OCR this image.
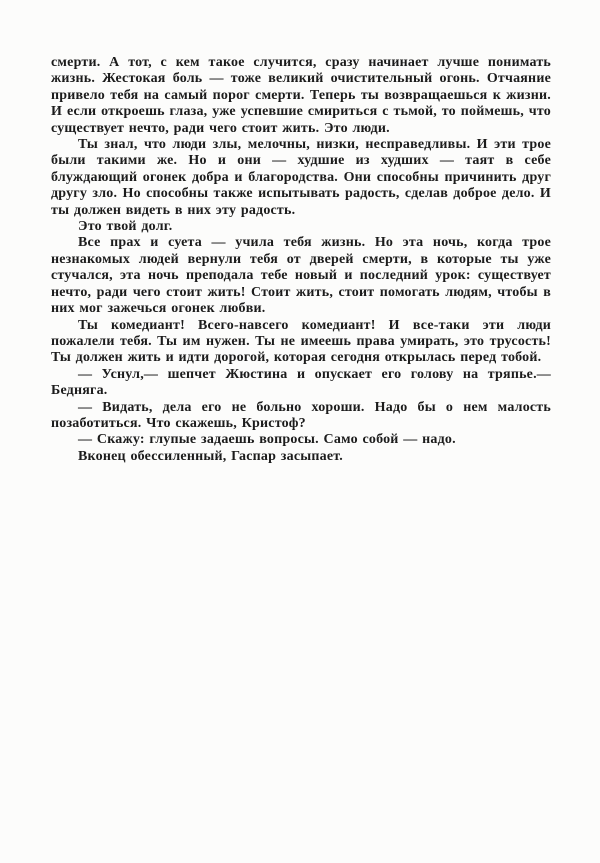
смерти. А тот, с кем такое случится, сразу начинает лучше понимать жизнь. Жестокая боль — тоже великий очистительный огонь. Отчаяние привело тебя на самый порог смерти. Теперь ты возвращаешься к жизни. И если откроешь глаза, уже успевшие смириться с тьмой, то поймешь, что существует нечто, ради чего стоит жить. Это люди.

Ты знал, что люди злы, мелочны, низки, несправедливы. И эти трое были такими же. Но и они — худшие из худших — таят в себе блуждающий огонек добра и благородства. Они способны причинить друг другу зло. Но способны также испытывать радость, сделав доброе дело. И ты должен видеть в них эту радость.

Это твой долг.

Все прах и суета — учила тебя жизнь. Но эта ночь, когда трое незнакомых людей вернули тебя от дверей смерти, в которые ты уже стучался, эта ночь преподала тебе новый и последний урок: существует нечто, ради чего стоит жить! Стоит жить, стоит помогать людям, чтобы в них мог зажечься огонек любви.

Ты комедиант! Всего-навсего комедиант! И все-таки эти люди пожалели тебя. Ты им нужен. Ты не имеешь права умирать, это трусость! Ты должен жить и идти дорогой, которая сегодня открылась перед тобой.

— Уснул,— шепчет Жюстина и опускает его голову на тряпье.— Бедняга.

— Видать, дела его не больно хороши. Надо бы о нем малость позаботиться. Что скажешь, Кристоф?

— Скажу: глупые задаешь вопросы. Само собой — надо.

Вконец обессиленный, Гаспар засыпает.
